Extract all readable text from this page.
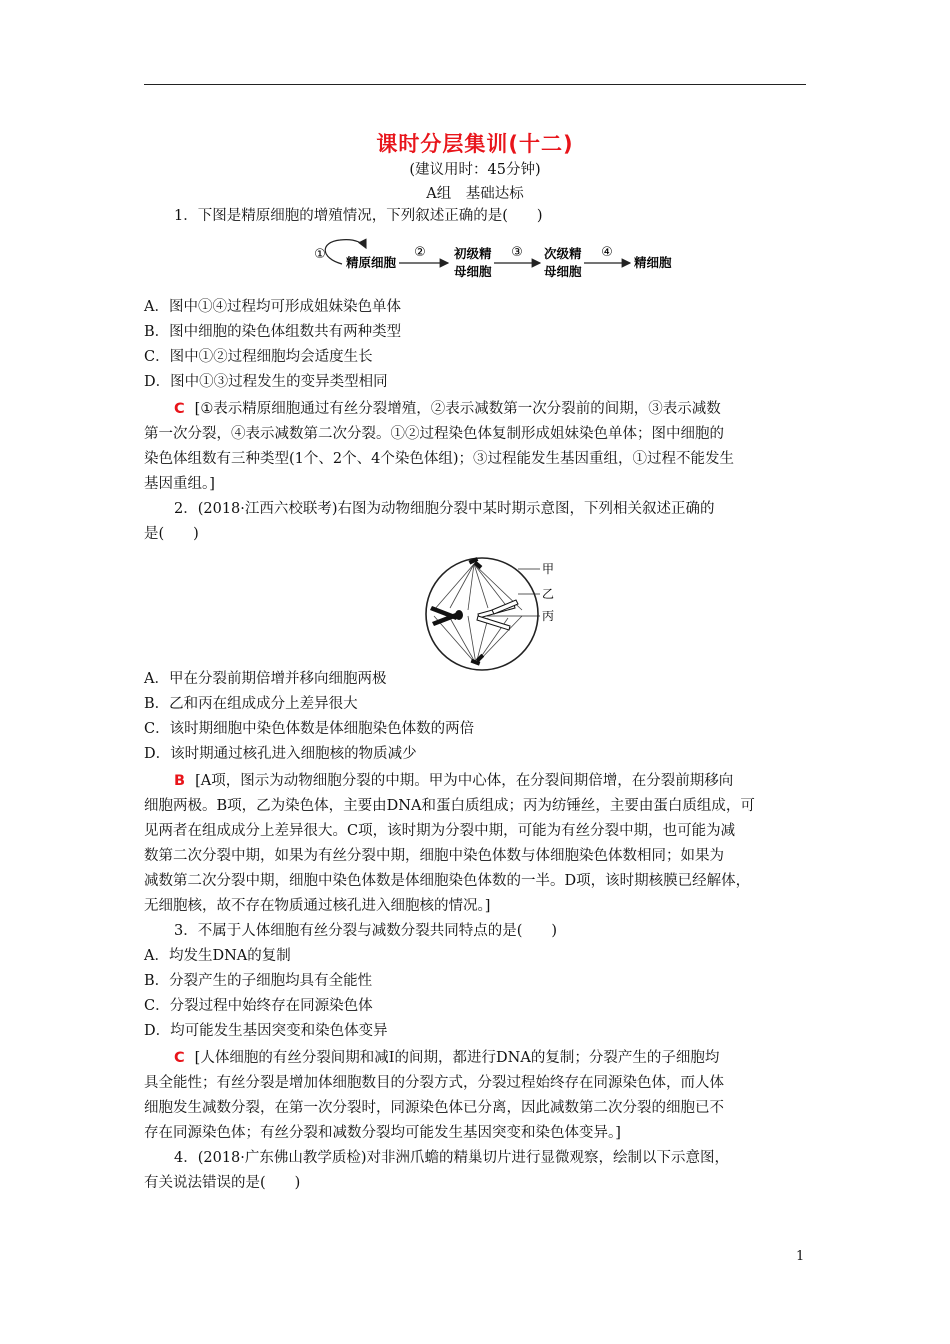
课时分层集训(十二)
(建议用时：45分钟)
A组　基础达标
1．下图是精原细胞的增殖情况，下列叙述正确的是(　　)
①
精原细胞
② 初级精
母细胞
③ 次级精
母细胞
④
精细胞
A．图中①④过程均可形成姐妹染色单体
B．图中细胞的染色体组数共有两种类型
C．图中①②过程细胞均会适度生长
D．图中①③过程发生的变异类型相同
C [①表示精原细胞通过有丝分裂增殖，②表示减数第一次分裂前的间期，③表示减数
第一次分裂，④表示减数第二次分裂。①②过程染色体复制形成姐妹染色单体；图中细胞的
染色体组数有三种类型(1个、2个、4个染色体组)；③过程能发生基因重组，①过程不能发生
基因重组。]
2．(2018·江西六校联考)右图为动物细胞分裂中某时期示意图，下列相关叙述正确的
是(　　)
甲
乙
丙
A．甲在分裂前期倍增并移向细胞两极
B．乙和丙在组成成分上差异很大
C．该时期细胞中染色体数是体细胞染色体数的两倍
D．该时期通过核孔进入细胞核的物质减少
B [A项，图示为动物细胞分裂的中期。甲为中心体，在分裂间期倍增，在分裂前期移向
细胞两极。B项，乙为染色体，主要由DNA和蛋白质组成；丙为纺锤丝，主要由蛋白质组成，可
见两者在组成成分上差异很大。C项，该时期为分裂中期，可能为有丝分裂中期，也可能为减
数第二次分裂中期，如果为有丝分裂中期，细胞中染色体数与体细胞染色体数相同；如果为
减数第二次分裂中期，细胞中染色体数是体细胞染色体数的一半。D项，该时期核膜已经解体，
无细胞核，故不存在物质通过核孔进入细胞核的情况。]
3．不属于人体细胞有丝分裂与减数分裂共同特点的是(　　)
A．均发生DNA的复制
B．分裂产生的子细胞均具有全能性
C．分裂过程中始终存在同源染色体
D．均可能发生基因突变和染色体变异
C [人体细胞的有丝分裂间期和减Ⅰ的间期，都进行DNA的复制；分裂产生的子细胞均
具全能性；有丝分裂是增加体细胞数目的分裂方式，分裂过程始终存在同源染色体，而人体
细胞发生减数分裂，在第一次分裂时，同源染色体已分离，因此减数第二次分裂的细胞已不
存在同源染色体；有丝分裂和减数分裂均可能发生基因突变和染色体变异。]
4．(2018·广东佛山教学质检)对非洲爪蟾的精巢切片进行显微观察，绘制以下示意图，
有关说法错误的是(　　)
1
